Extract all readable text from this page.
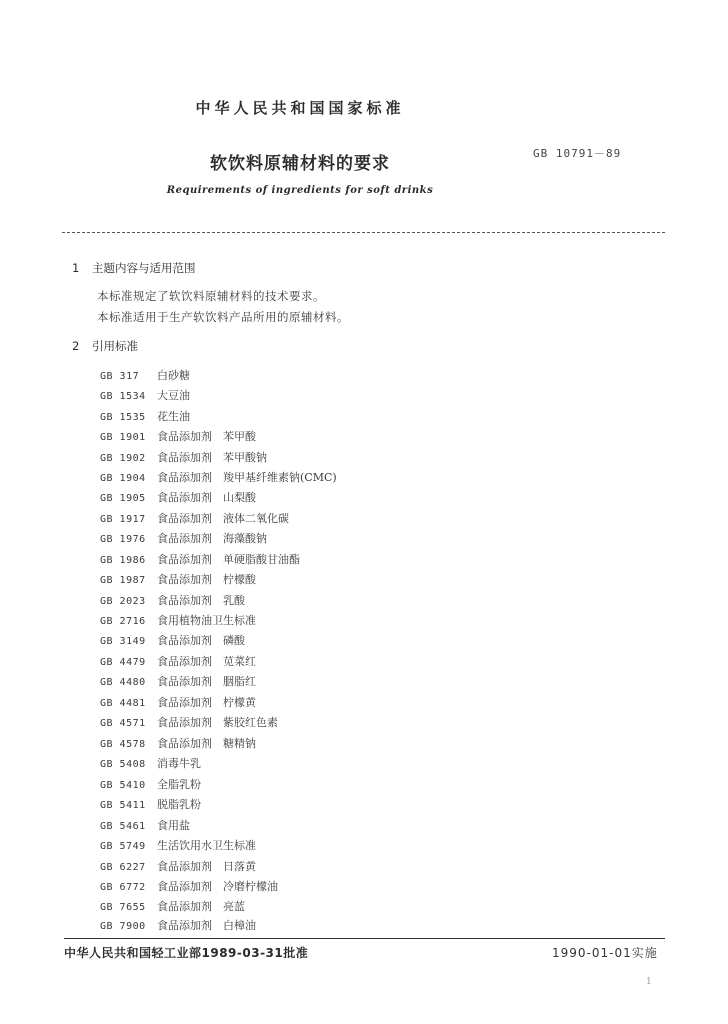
中华人民共和国国家标准
软饮料原辅材料的要求
GB 10791－89
Requirements of ingredients for soft drinks
1 主题内容与适用范围
本标准规定了软饮料原辅材料的技术要求。
本标准适用于生产软饮料产品所用的原辅材料。
2 引用标准
GB 317 白砂糖
GB 1534 大豆油
GB 1535 花生油
GB 1901 食品添加剂　苯甲酸
GB 1902 食品添加剂　苯甲酸钠
GB 1904 食品添加剂　羧甲基纤维素钠(CMC)
GB 1905 食品添加剂　山梨酸
GB 1917 食品添加剂　液体二氧化碳
GB 1976 食品添加剂　海藻酸钠
GB 1986 食品添加剂　单硬脂酸甘油酯
GB 1987 食品添加剂　柠檬酸
GB 2023 食品添加剂　乳酸
GB 2716 食用植物油卫生标准
GB 3149 食品添加剂　磷酸
GB 4479 食品添加剂　苋菜红
GB 4480 食品添加剂　胭脂红
GB 4481 食品添加剂　柠檬黄
GB 4571 食品添加剂　紫胶红色素
GB 4578 食品添加剂　糖精钠
GB 5408 消毒牛乳
GB 5410 全脂乳粉
GB 5411 脱脂乳粉
GB 5461 食用盐
GB 5749 生活饮用水卫生标准
GB 6227 食品添加剂　日落黄
GB 6772 食品添加剂　冷磨柠檬油
GB 7655 食品添加剂　亮蓝
GB 7900 食品添加剂　白樟油
中华人民共和国轻工业部1989-03-31批准	1990-01-01实施
1
